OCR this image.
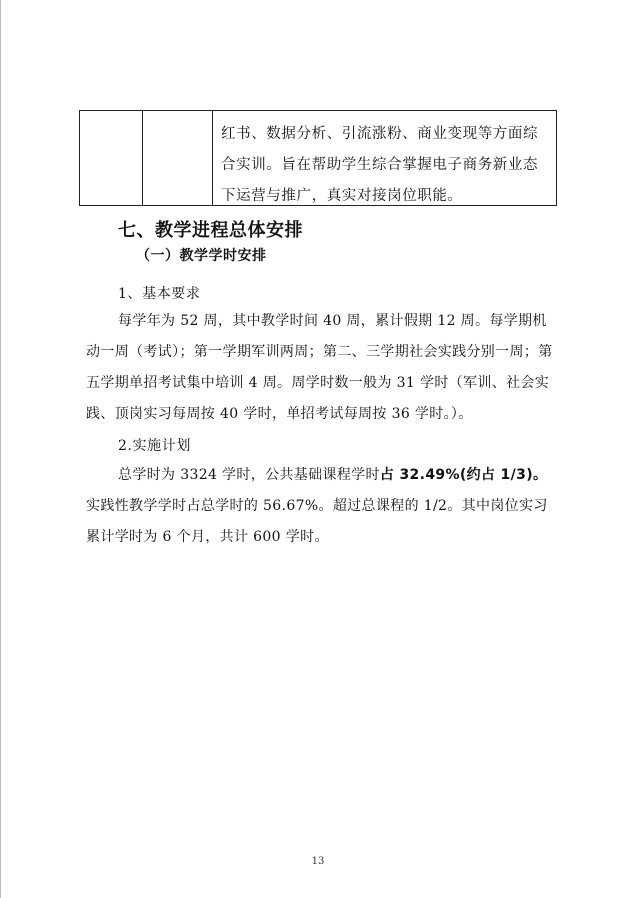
红书、数据分析、引流涨粉、商业变现等方面综合实训。旨在帮助学生综合掌握电子商务新业态下运营与推广，真实对接岗位职能。
七、教学进程总体安排
（一）教学学时安排
1、基本要求

每学年为 52 周，其中教学时间 40 周，累计假期 12 周。每学期机动一周（考试）；第一学期军训两周；第二、三学期社会实践分别一周；第五学期单招考试集中培训 4 周。周学时数一般为 31 学时（军训、社会实践、顶岗实习每周按 40 学时，单招考试每周按 36 学时。）。

2.实施计划

总学时为 3324 学时，公共基础课程学时占 32.49%(约占 1/3)。实践性教学学时占总学时的 56.67%。超过总课程的 1/2。其中岗位实习累计学时为 6 个月，共计 600 学时。

13
